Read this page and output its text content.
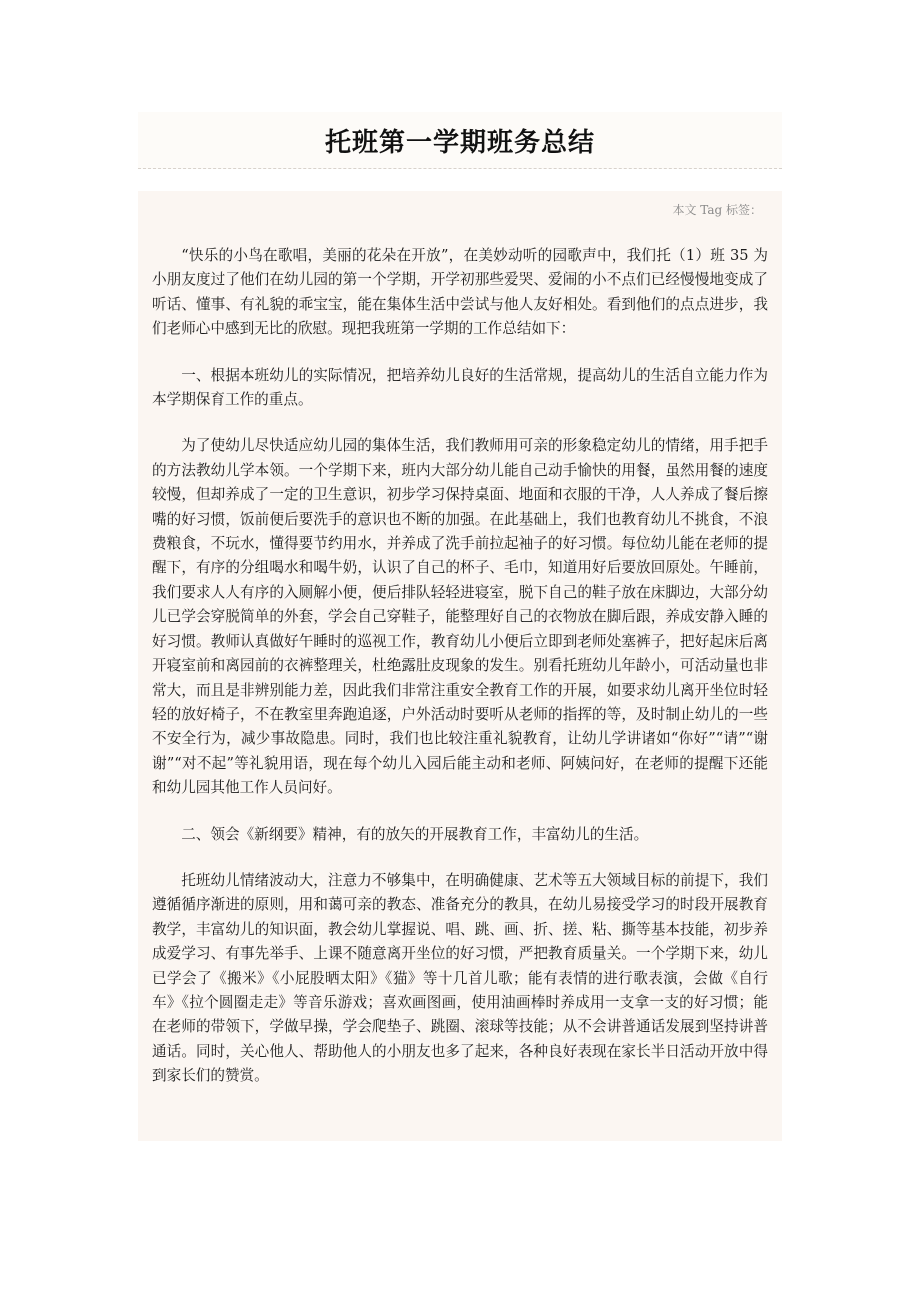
托班第一学期班务总结
本文 Tag 标签：

“快乐的小鸟在歌唱，美丽的花朵在开放”，在美妙动听的园歌声中，我们托（1）班 35 为小朋友度过了他们在幼儿园的第一个学期，开学初那些爱哭、爱闹的小不点们已经慢慢地变成了听话、懂事、有礼貌的乖宝宝，能在集体生活中尝试与他人友好相处。看到他们的点点进步，我们老师心中感到无比的欣慰。现把我班第一学期的工作总结如下：

一、根据本班幼儿的实际情况，把培养幼儿良好的生活常规，提高幼儿的生活自立能力作为本学期保育工作的重点。

为了使幼儿尽快适应幼儿园的集体生活，我们教师用可亲的形象稳定幼儿的情绪，用手把手的方法教幼儿学本领。一个学期下来，班内大部分幼儿能自己动手愉快的用餐，虽然用餐的速度较慢，但却养成了一定的卫生意识，初步学习保持桌面、地面和衣服的干净，人人养成了餐后擦嘴的好习惯，饭前便后要洗手的意识也不断的加强。在此基础上，我们也教育幼儿不挑食，不浪费粮食，不玩水，懂得要节约用水，并养成了洗手前拉起袖子的好习惯。每位幼儿能在老师的提醒下，有序的分组喝水和喝牛奶，认识了自己的杯子、毛巾，知道用好后要放回原处。午睡前，我们要求人人有序的入厕解小便，便后排队轻轻进寝室，脱下自己的鞋子放在床脚边，大部分幼儿已学会穿脱简单的外套，学会自己穿鞋子，能整理好自己的衣物放在脚后跟，养成安静入睡的好习惯。教师认真做好午睡时的巡视工作，教育幼儿小便后立即到老师处塞裤子，把好起床后离开寝室前和离园前的衣裤整理关，杜绝露肚皮现象的发生。别看托班幼儿年龄小，可活动量也非常大，而且是非辨别能力差，因此我们非常注重安全教育工作的开展，如要求幼儿离开坐位时轻轻的放好椅子，不在教室里奔跑追逐，户外活动时要听从老师的指挥的等，及时制止幼儿的一些不安全行为，减少事故隐患。同时，我们也比较注重礼貌教育，让幼儿学讲诸如“你好”“请”“谢谢”“对不起”等礼貌用语，现在每个幼儿入园后能主动和老师、阿姨问好，在老师的提醒下还能和幼儿园其他工作人员问好。

二、领会《新纲要》精神，有的放矢的开展教育工作，丰富幼儿的生活。

托班幼儿情绪波动大，注意力不够集中，在明确健康、艺术等五大领域目标的前提下，我们遵循循序渐进的原则，用和蔼可亲的教态、准备充分的教具，在幼儿易接受学习的时段开展教育教学，丰富幼儿的知识面，教会幼儿掌握说、唱、跳、画、折、搓、粘、撕等基本技能，初步养成爱学习、有事先举手、上课不随意离开坐位的好习惯，严把教育质量关。一个学期下来，幼儿已学会了《搬米》《小屁股晒太阳》《猫》等十几首儿歌；能有表情的进行歌表演，会做《自行车》《拉个圆圈走走》等音乐游戏；喜欢画图画，使用油画棒时养成用一支拿一支的好习惯；能在老师的带领下，学做早操，学会爬垫子、跳圈、滚球等技能；从不会讲普通话发展到坚持讲普通话。同时，关心他人、帮助他人的小朋友也多了起来，各种良好表现在家长半日活动开放中得到家长们的赞赏。
